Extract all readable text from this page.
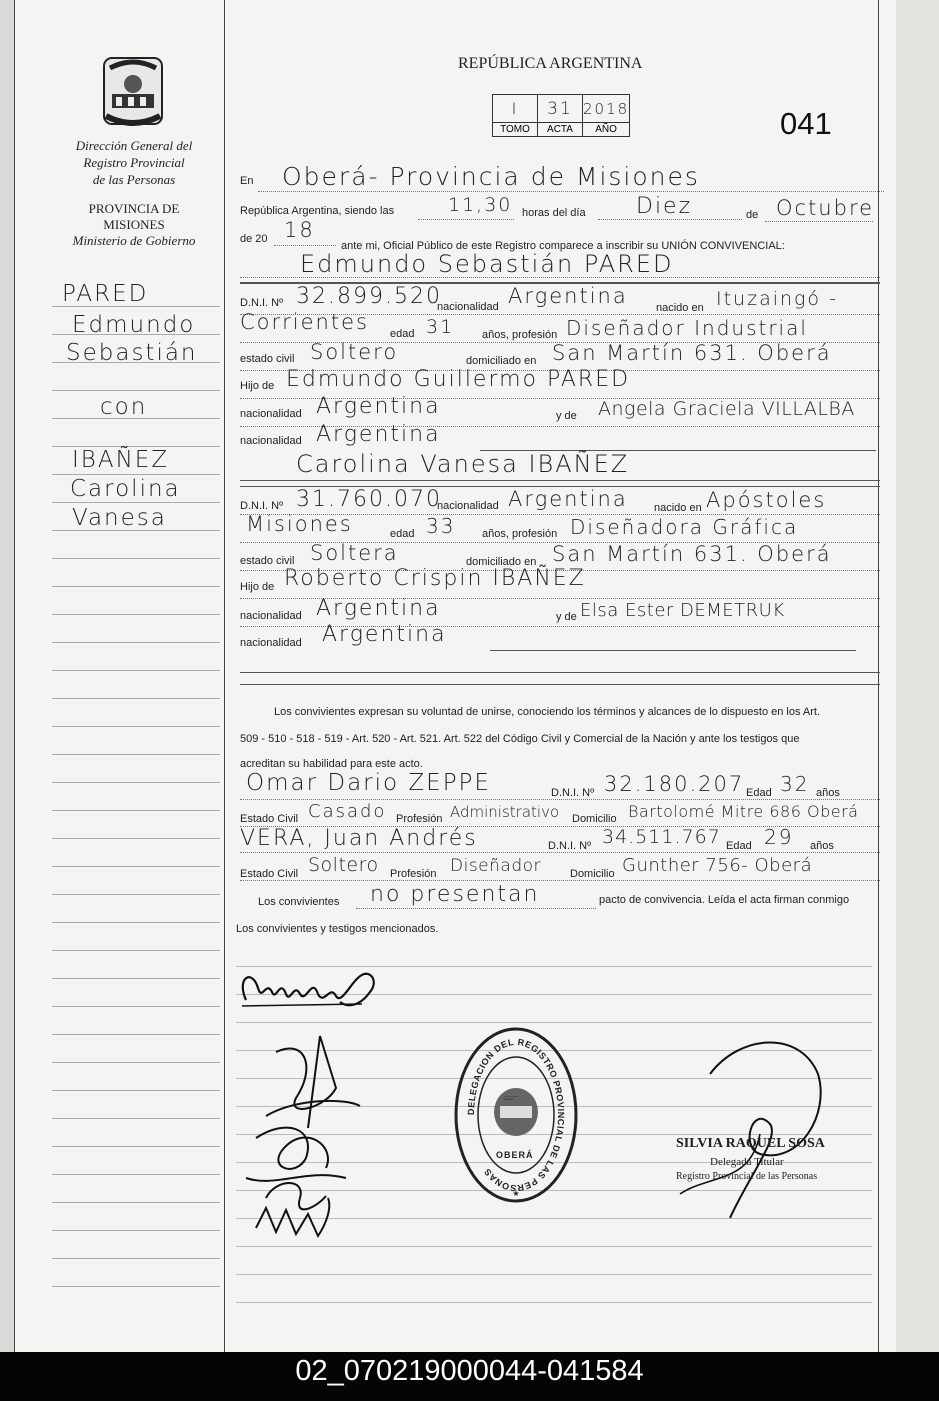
Dirección General del
Registro Provincial
de las Personas
PROVINCIA DE
MISIONES
Ministerio de Gobierno
PARED
Edmundo
Sebastián
con
IBAÑEZ
Carolina
Vanesa
REPÚBLICA ARGENTINA
I	31	2018
TOMO	ACTA	AÑO	041
En Oberá- Provincia de Misiones
República Argentina, siendo las	11,30 horas del día Diez	de Octubre
de 20 18
ante mi, Oficial Público de este Registro comparece a inscribir su UNIÓN CONVIVENCIAL:
Edmundo Sebastián PARED
D.N.I. Nº 32.899.520
nacionalidad Argentina	nacido en Ituzaingó -
Corrientes edad 31	años, profesión Diseñador Industrial
estado civil Soltero	domiciliado en San Martín 631. Oberá
Hijo de Edmundo Guillermo PARED
nacionalidad Argentina	y de Angela Graciela VILLALBA
nacionalidad Argentina
Carolina Vanesa IBAÑEZ
D.N.I. Nº 31.760.070
nacionalidad Argentina nacido en Apóstoles
Misiones	edad 33 años, profesión Diseñadora Gráfica
estado civil Soltera	domiciliado en San Martín 631. Oberá
Hijo de Roberto Crispin IBAÑEZ
nacionalidad Argentina	y de Elsa Ester DEMETRUK
nacionalidad Argentina
Los convivientes expresan su voluntad de unirse, conociendo los términos y alcances de lo dispuesto en los Art.
509 - 510 - 518 - 519 - Art. 520 - Art. 521. Art. 522 del Código Civil y Comercial de la Nación y ante los testigos que
acreditan su habilidad para este acto.
Omar Dario ZEPPE	D.N.I. Nº 32.180.207 Edad 32 años
Estado Civil Casado Profesión Administrativo Domicilio Bartolomé Mitre 686 Oberá
VERA, Juan Andrés	D.N.I. Nº 34.511.767 Edad 29 años
Estado Civil Soltero Profesión Diseñador	Domicilio Gunther 756- Oberá
Los convivientes no presentan	pacto de convivencia. Leída el acta firman conmigo
Los convivientes y testigos mencionados.
DELEGACION DEL REGISTRO PROVINCIAL DE LAS PERSONAS
★
OBERÁ
PROVINCIA DE MISIONES
SILVIA RAQUEL SOSA
Delegada Titular
Registro Provincial de las Personas
02_070219000044-041584
